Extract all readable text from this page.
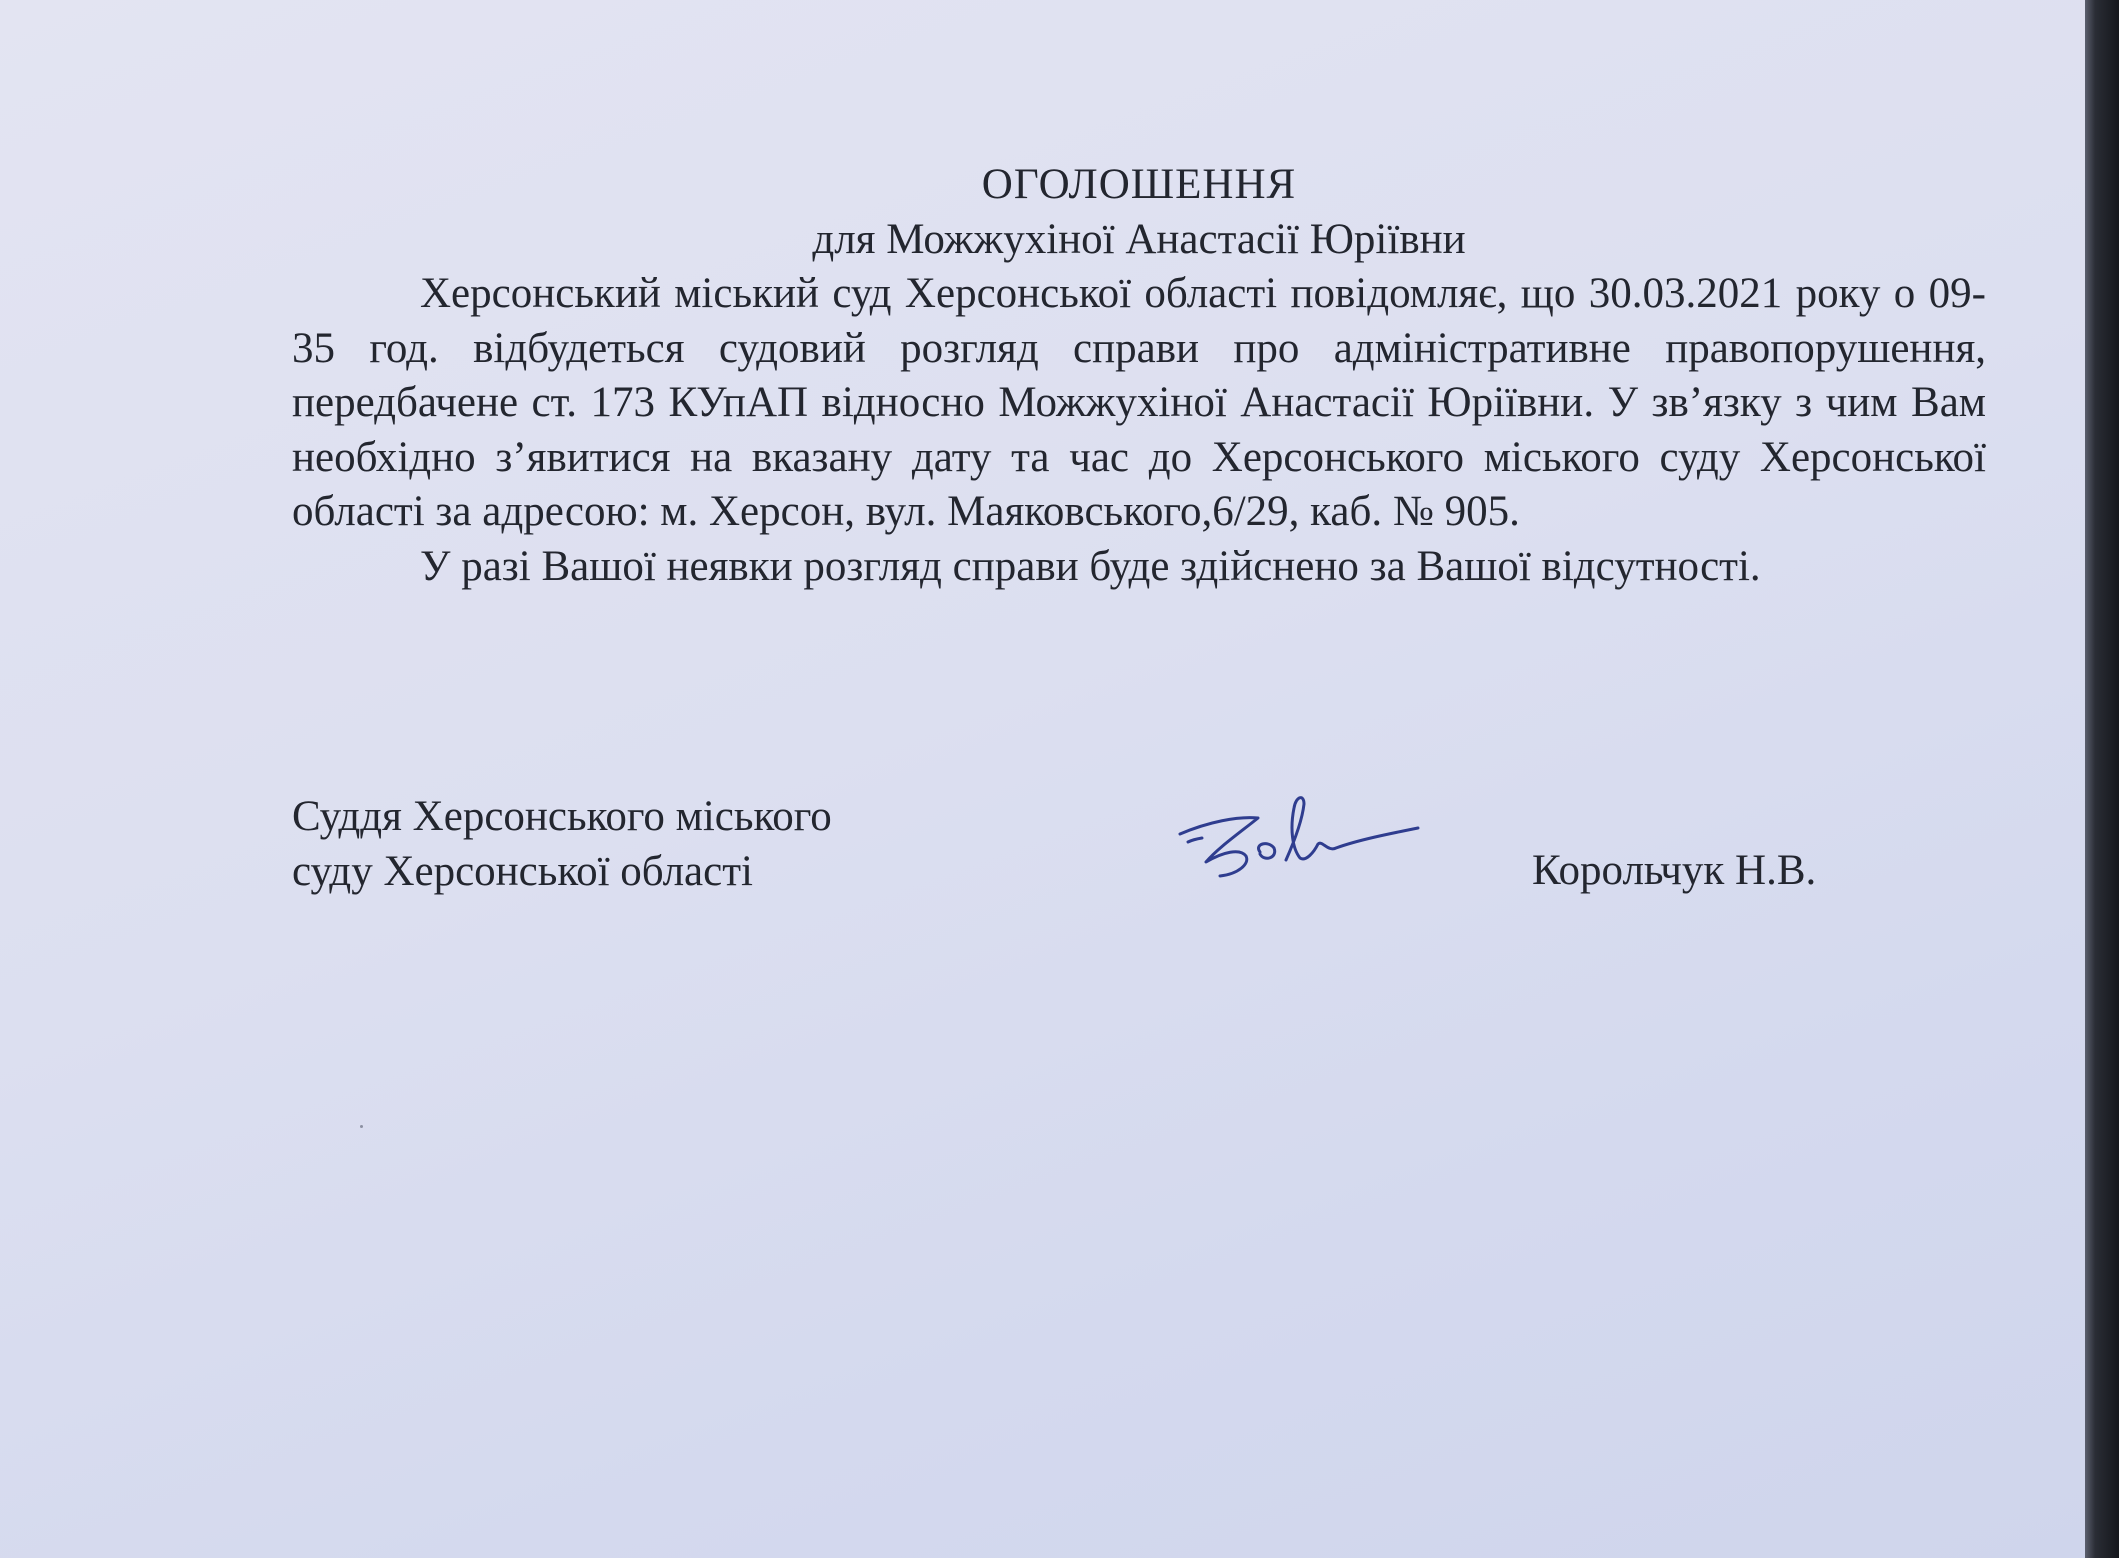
ОГОЛОШЕННЯ

для Можжухіної Анастасії Юріївни

Херсонський міський суд Херсонської області повідомляє, що 30.03.2021 року о 09-35 год. відбудеться судовий розгляд справи про адміністративне правопорушення, передбачене ст. 173 КУпАП відносно Можжухіної Анастасії Юріївни. У зв’язку з чим Вам необхідно з’явитися на вказану дату та час до Херсонського міського суду Херсонської області за адресою: м. Херсон, вул. Маяковського,6/29, каб. № 905.

У разі Вашої неявки розгляд справи буде здійснено за Вашої відсутності.

Суддя Херсонського міського
суду Херсонської області	Корольчук Н.В.
